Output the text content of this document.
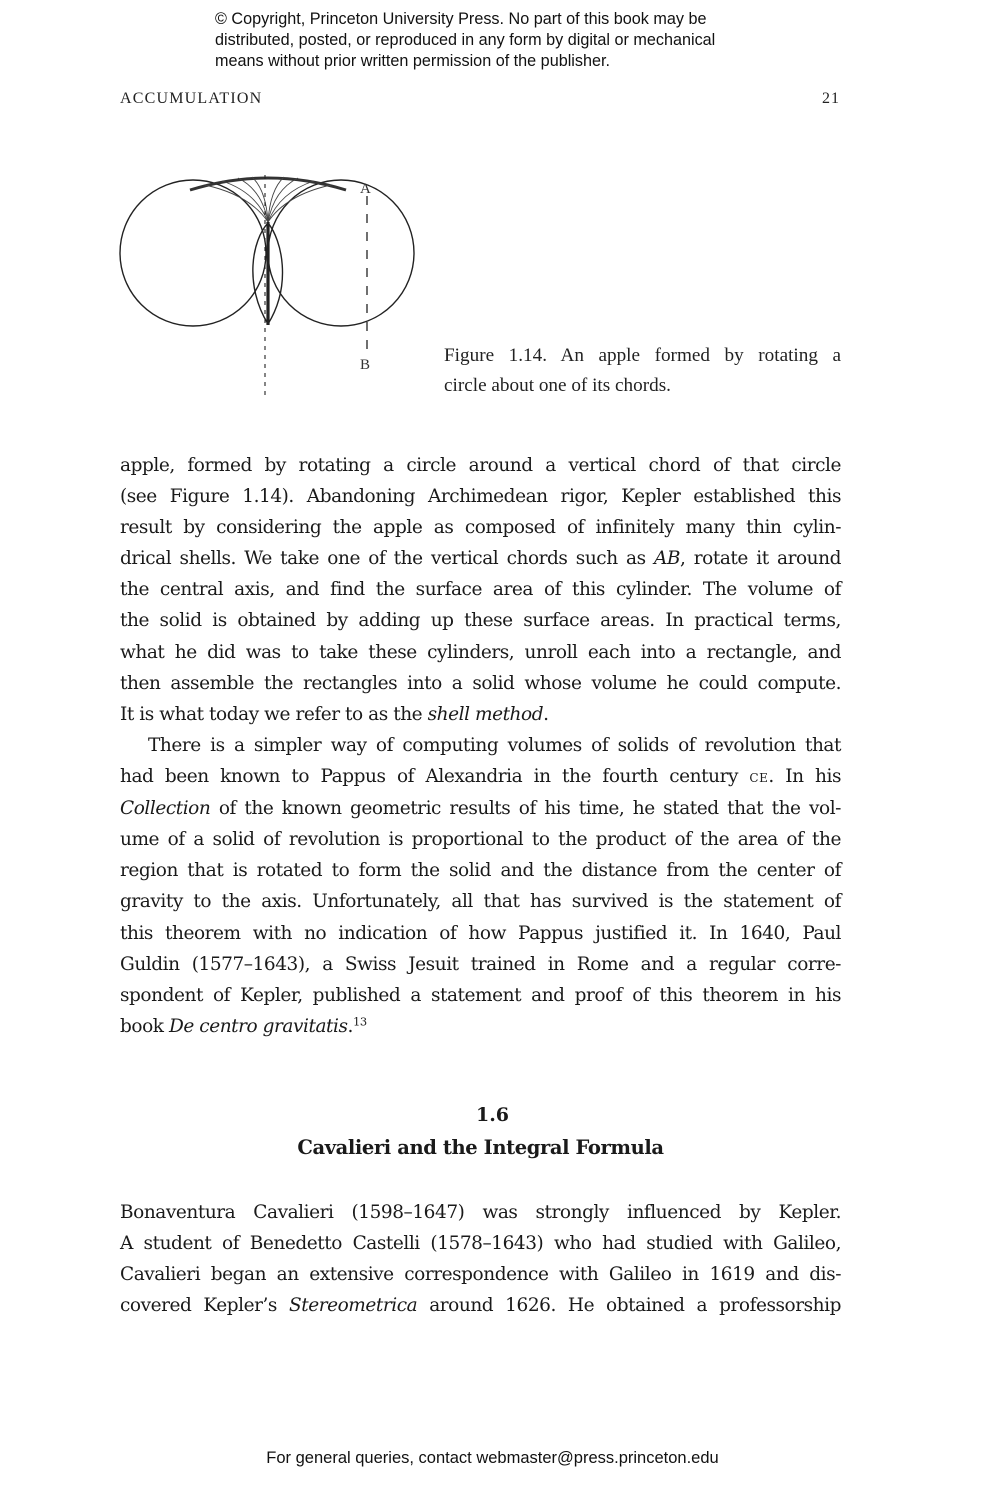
© Copyright, Princeton University Press. No part of this book may be
distributed, posted, or reproduced in any form by digital or mechanical
means without prior written permission of the publisher.
ACCUMULATION	21
A
B	Figure 1.14. An apple formed by rotating a
circle about one of its chords.
apple, formed by rotating a circle around a vertical chord of that circle
(see Figure 1.14). Abandoning Archimedean rigor, Kepler established this
result by considering the apple as composed of infinitely many thin cylin-
drical shells. We take one of the vertical chords such as AB, rotate it around
the central axis, and find the surface area of this cylinder. The volume of
the solid is obtained by adding up these surface areas. In practical terms,
what he did was to take these cylinders, unroll each into a rectangle, and
then assemble the rectangles into a solid whose volume he could compute.
It is what today we refer to as the shell method.
There is a simpler way of computing volumes of solids of revolution that
had been known to Pappus of Alexandria in the fourth century ce. In his
Collection of the known geometric results of his time, he stated that the vol-
ume of a solid of revolution is proportional to the product of the area of the
region that is rotated to form the solid and the distance from the center of
gravity to the axis. Unfortunately, all that has survived is the statement of
this theorem with no indication of how Pappus justified it. In 1640, Paul
Guldin (1577–1643), a Swiss Jesuit trained in Rome and a regular corre-
spondent of Kepler, published a statement and proof of this theorem in his
book De centro gravitatis.$^{13}$
1.6
Cavalieri and the Integral Formula
Bonaventura Cavalieri (1598–1647) was strongly influenced by Kepler.
A student of Benedetto Castelli (1578–1643) who had studied with Galileo,
Cavalieri began an extensive correspondence with Galileo in 1619 and dis-
covered Kepler’s Stereometrica around 1626. He obtained a professorship
For general queries, contact webmaster@press.princeton.edu
